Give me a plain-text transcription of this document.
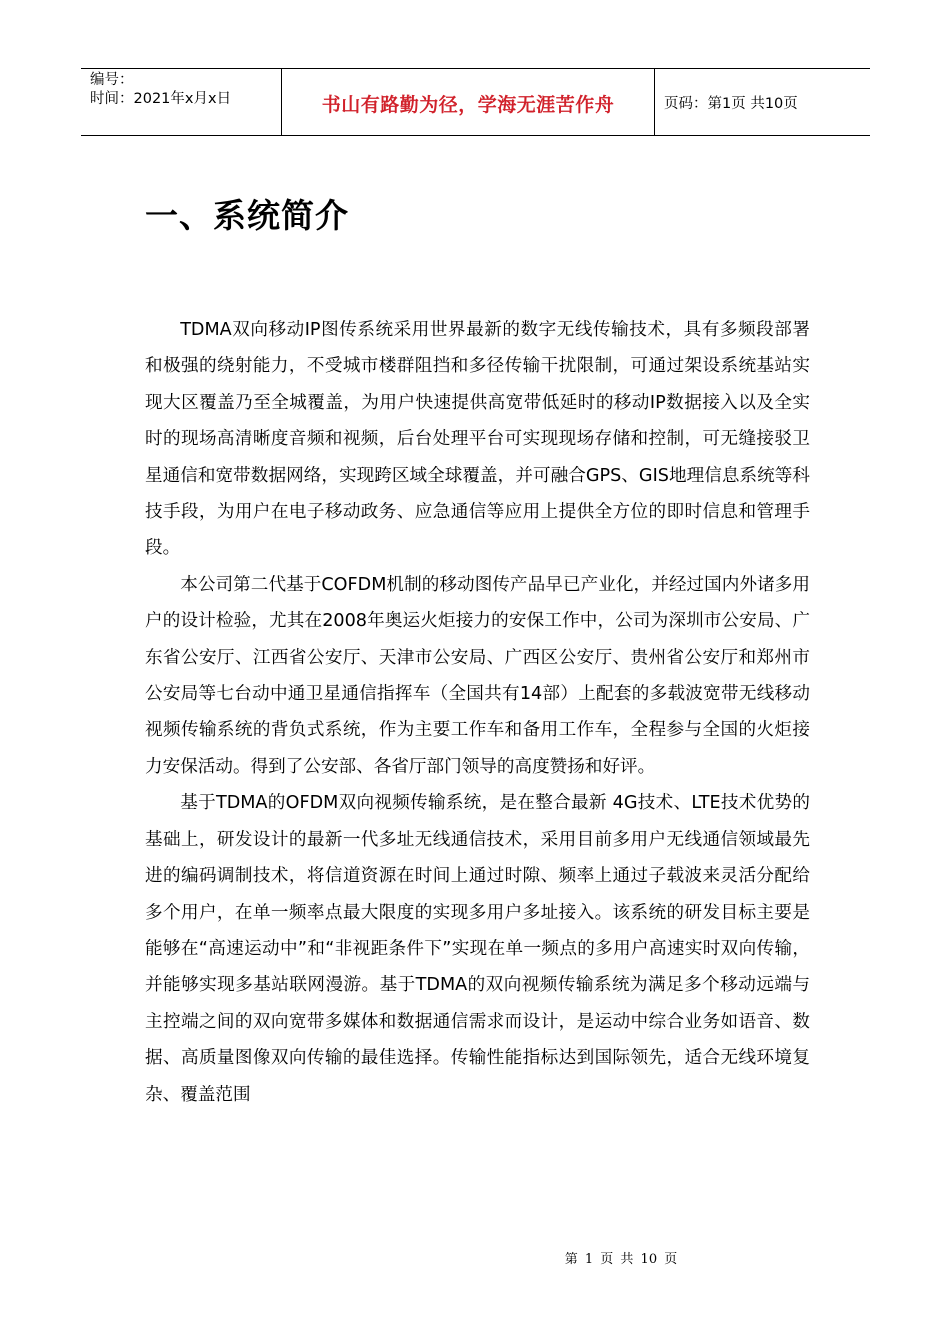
编号：
时间：2021年x月x日	书山有路勤为径，学海无涯苦作舟	页码：第1页 共10页
一、系统简介

TDMA双向移动IP图传系统采用世界最新的数字无线传输技术，具有多频段部署和极强的绕射能力，不受城市楼群阻挡和多径传输干扰限制，可通过架设系统基站实现大区覆盖乃至全城覆盖，为用户快速提供高宽带低延时的移动IP数据接入以及全实时的现场高清晰度音频和视频，后台处理平台可实现现场存储和控制，可无缝接驳卫星通信和宽带数据网络，实现跨区域全球覆盖，并可融合GPS、GIS地理信息系统等科技手段，为用户在电子移动政务、应急通信等应用上提供全方位的即时信息和管理手段。

本公司第二代基于COFDM机制的移动图传产品早已产业化，并经过国内外诸多用户的设计检验，尤其在2008年奥运火炬接力的安保工作中，公司为深圳市公安局、广东省公安厅、江西省公安厅、天津市公安局、广西区公安厅、贵州省公安厅和郑州市公安局等七台动中通卫星通信指挥车（全国共有14部）上配套的多载波宽带无线移动视频传输系统的背负式系统，作为主要工作车和备用工作车，全程参与全国的火炬接力安保活动。得到了公安部、各省厅部门领导的高度赞扬和好评。

基于TDMA的OFDM双向视频传输系统，是在整合最新 4G技术、LTE技术优势的基础上，研发设计的最新一代多址无线通信技术，采用目前多用户无线通信领域最先进的编码调制技术，将信道资源在时间上通过时隙、频率上通过子载波来灵活分配给多个用户，在单一频率点最大限度的实现多用户多址接入。该系统的研发目标主要是能够在“高速运动中”和“非视距条件下”实现在单一频点的多用户高速实时双向传输，并能够实现多基站联网漫游。基于TDMA的双向视频传输系统为满足多个移动远端与主控端之间的双向宽带多媒体和数据通信需求而设计，是运动中综合业务如语音、数据、高质量图像双向传输的最佳选择。传输性能指标达到国际领先，适合无线环境复杂、覆盖范围

第 1 页 共 10 页
